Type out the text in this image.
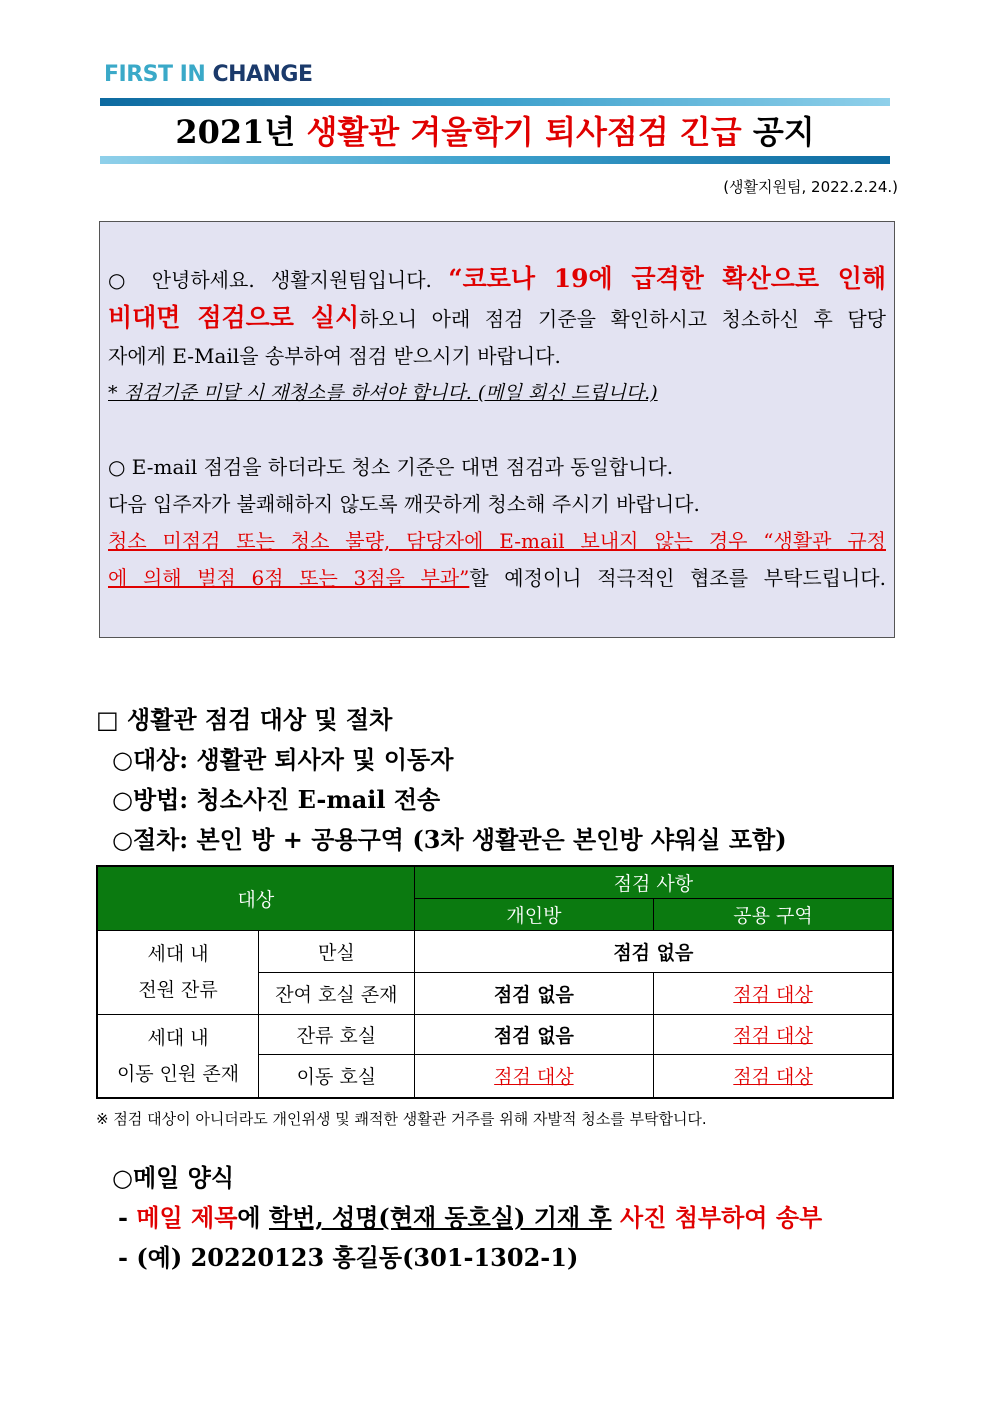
FIRST IN CHANGE
2021년 생활관 겨울학기 퇴사점검 긴급 공지
(생활지원팀, 2022.2.24.)

○ 안녕하세요. 생활지원팀입니다. “코로나 19에 급격한 확산으로 인해

비대면 점검으로 실시하오니 아래 점검 기준을 확인하시고 청소하신 후 담당

자에게 E-Mail을 송부하여 점검 받으시기 바랍니다.

* 점검기준 미달 시 재청소를 하셔야 합니다. (메일 회신 드립니다.)

○ E-mail 점검을 하더라도 청소 기준은 대면 점검과 동일합니다.

다음 입주자가 불쾌해하지 않도록 깨끗하게 청소해 주시기 바랍니다.

청소 미점검 또는 청소 불량, 담당자에 E-mail 보내지 않는 경우 “생활관 규정

에 의해 벌점 6점 또는 3점을 부과”할 예정이니 적극적인 협조를 부탁드립니다.

□ 생활관 점검 대상 및 절차
○대상: 생활관 퇴사자 및 이동자
○방법: 청소사진 E-mail 전송
○절차: 본인 방 + 공용구역 (3차 생활관은 본인방 샤워실 포함)
대상		점검 사항	
		개인방	공용 구역

세대 내
전원 잔류	만실	점검 없음	
	잔여 호실 존재	점검 없음	점검 대상

세대 내
이동 인원 존재	잔류 호실	점검 없음	점검 대상
	이동 호실	점검 대상	점검 대상
※ 점검 대상이 아니더라도 개인위생 및 쾌적한 생활관 거주를 위해 자발적 청소를 부탁합니다.
○메일 양식
- 메일 제목에 학번, 성명(현재 동호실) 기재 후 사진 첨부하여 송부
- (예) 20220123 홍길동(301-1302-1)
